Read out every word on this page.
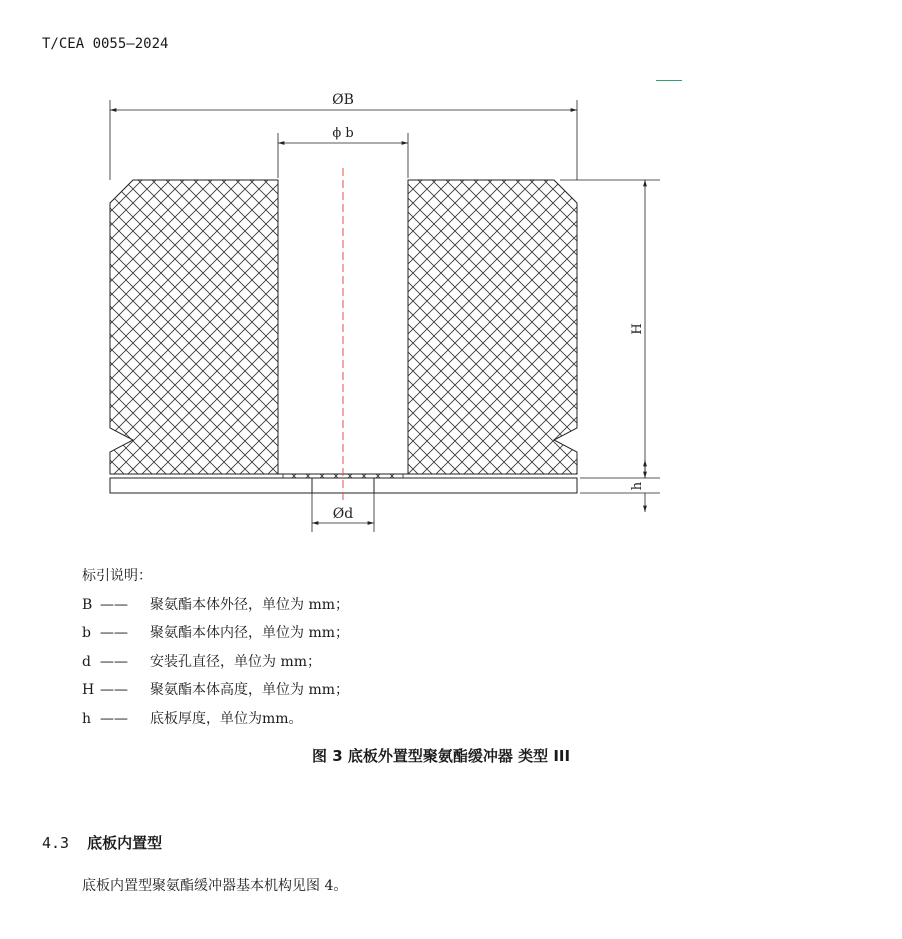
T/CEA 0055—2024
ØB
ϕ b
H
h
Ød
标引说明：
B —— 聚氨酯本体外径，单位为 mm；
b —— 聚氨酯本体内径，单位为 mm；
d —— 安装孔直径，单位为 mm；
H —— 聚氨酯本体高度，单位为 mm；
h —— 底板厚度，单位为mm。
图 3 底板外置型聚氨酯缓冲器 类型 III
4.3 底板内置型
底板内置型聚氨酯缓冲器基本机构见图 4。
